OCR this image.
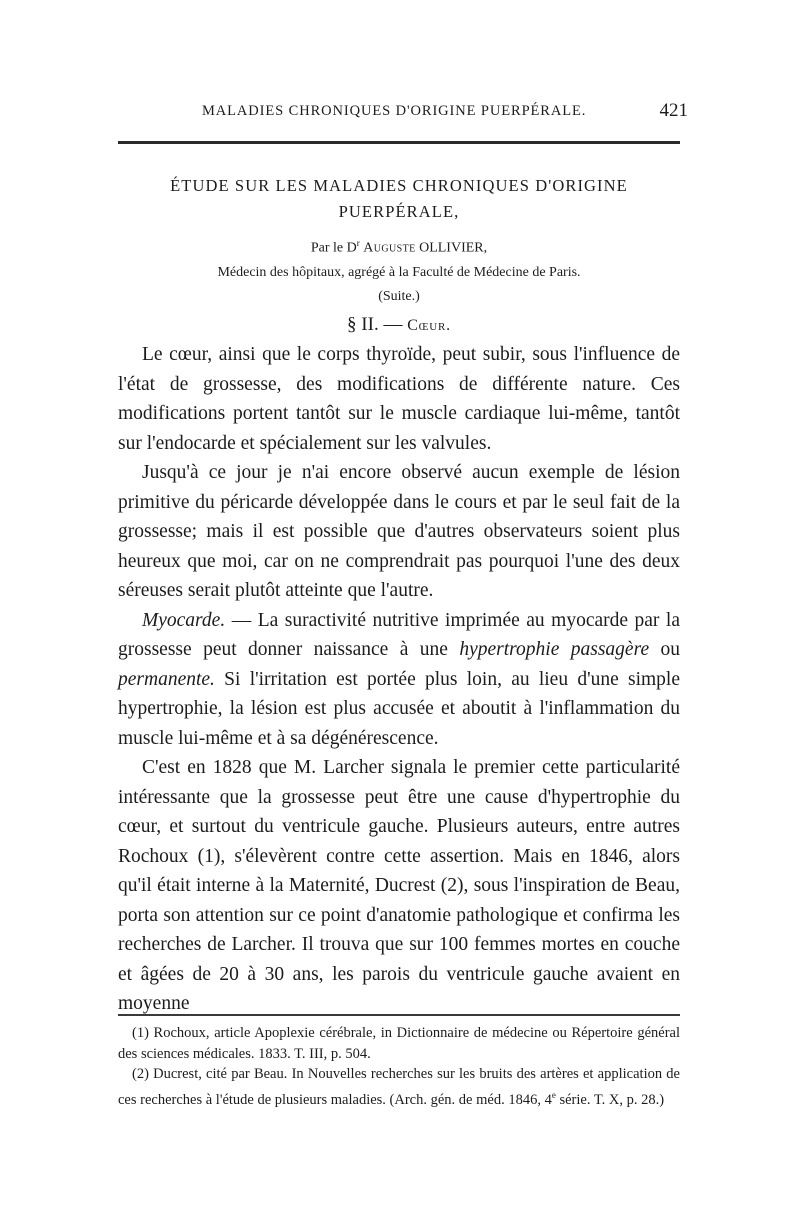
MALADIES CHRONIQUES D'ORIGINE PUERPÉRALE.	421
ÉTUDE SUR LES MALADIES CHRONIQUES D'ORIGINE
PUERPÉRALE,
Par le $D^r$ Auguste OLLIVIER,
Médecin des hôpitaux, agrégé à la Faculté de Médecine de Paris.
(Suite.)
§ II. — Cœur.

Le cœur, ainsi que le corps thyroïde, peut subir, sous l'influence de l'état de grossesse, des modifications de différente nature. Ces modifications portent tantôt sur le muscle cardiaque lui-même, tantôt sur l'endocarde et spécialement sur les valvules.

Jusqu'à ce jour je n'ai encore observé aucun exemple de lésion primitive du péricarde développée dans le cours et par le seul fait de la grossesse; mais il est possible que d'autres observateurs soient plus heureux que moi, car on ne comprendrait pas pourquoi l'une des deux séreuses serait plutôt atteinte que l'autre.

Myocarde. — La suractivité nutritive imprimée au myocarde par la grossesse peut donner naissance à une hypertrophie passagère ou permanente. Si l'irritation est portée plus loin, au lieu d'une simple hypertrophie, la lésion est plus accusée et aboutit à l'inflammation du muscle lui-même et à sa dégénérescence.

C'est en 1828 que M. Larcher signala le premier cette particularité intéressante que la grossesse peut être une cause d'hypertrophie du cœur, et surtout du ventricule gauche. Plusieurs auteurs, entre autres Rochoux (1), s'élevèrent contre cette assertion. Mais en 1846, alors qu'il était interne à la Maternité, Ducrest (2), sous l'inspiration de Beau, porta son attention sur ce point d'anatomie pathologique et confirma les recherches de Larcher. Il trouva que sur 100 femmes mortes en couche et âgées de 20 à 30 ans, les parois du ventricule gauche avaient en moyenne

(1) Rochoux, article Apoplexie cérébrale, in Dictionnaire de médecine ou Répertoire général des sciences médicales. 1833. T. III, p. 504.

(2) Ducrest, cité par Beau. In Nouvelles recherches sur les bruits des artères et application de ces recherches à l'étude de plusieurs maladies. (Arch. gén. de méd. 1846, 4e série. T. X, p. 28.)
